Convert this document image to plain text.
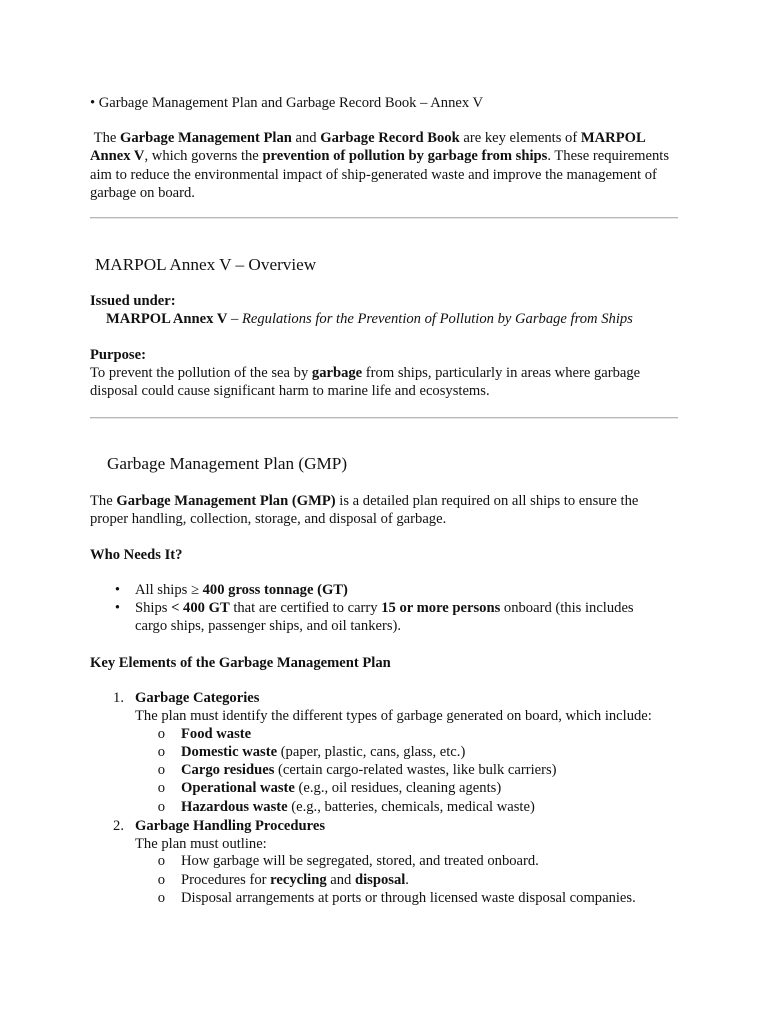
• Garbage Management Plan and Garbage Record Book – Annex V

The Garbage Management Plan and Garbage Record Book are key elements of MARPOL Annex V, which governs the prevention of pollution by garbage from ships. These requirements aim to reduce the environmental impact of ship-generated waste and improve the management of garbage on board.

MARPOL Annex V – Overview

Issued under:

MARPOL Annex V – Regulations for the Prevention of Pollution by Garbage from Ships

Purpose:

To prevent the pollution of the sea by garbage from ships, particularly in areas where garbage disposal could cause significant harm to marine life and ecosystems.

Garbage Management Plan (GMP)

The Garbage Management Plan (GMP) is a detailed plan required on all ships to ensure the proper handling, collection, storage, and disposal of garbage.

Who Needs It?

• All ships ≥ 400 gross tonnage (GT)
• Ships < 400 GT that are certified to carry 15 or more persons onboard (this includes
cargo ships, passenger ships, and oil tankers).

Key Elements of the Garbage Management Plan

1. Garbage Categories
The plan must identify the different types of garbage generated on board, which include:
o Food waste
o Domestic waste (paper, plastic, cans, glass, etc.)
o Cargo residues (certain cargo-related wastes, like bulk carriers)
o Operational waste (e.g., oil residues, cleaning agents)
o Hazardous waste (e.g., batteries, chemicals, medical waste)
2. Garbage Handling Procedures
The plan must outline:
o How garbage will be segregated, stored, and treated onboard.
o Procedures for recycling and disposal.
o Disposal arrangements at ports or through licensed waste disposal companies.
